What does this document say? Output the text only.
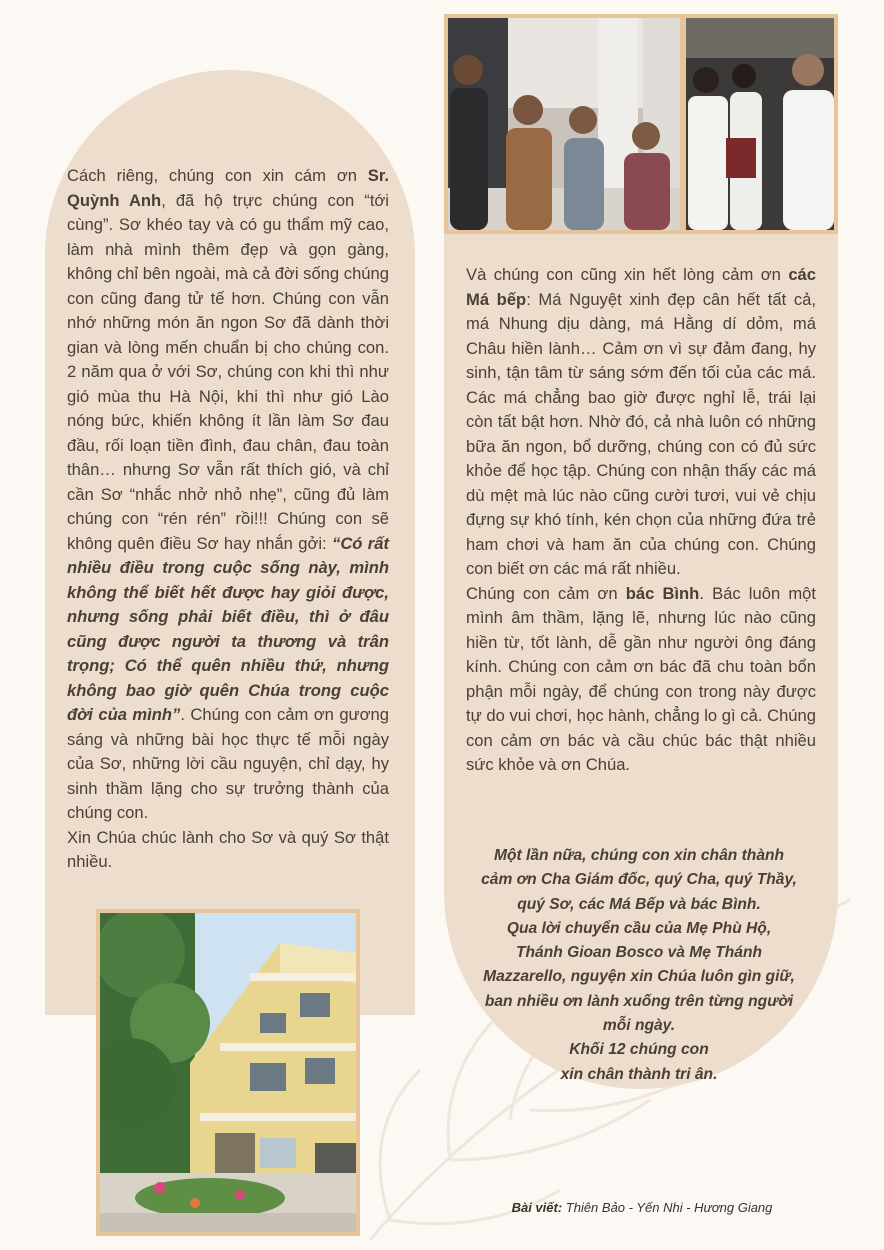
Cách riêng, chúng con xin cám ơn Sr. Quỳnh Anh, đã hộ trực chúng con “tới cùng”. Sơ khéo tay và có gu thẩm mỹ cao, làm nhà mình thêm đẹp và gọn gàng, không chỉ bên ngoài, mà cả đời sống chúng con cũng đang tử tế hơn. Chúng con vẫn nhớ những món ăn ngon Sơ đã dành thời gian và lòng mến chuẩn bị cho chúng con. 2 năm qua ở với Sơ, chúng con khi thì như gió mùa thu Hà Nội, khi thì như gió Lào nóng bức, khiến không ít lần làm Sơ đau đầu, rối loạn tiền đình, đau chân, đau toàn thân… nhưng Sơ vẫn rất thích gió, và chỉ cần Sơ “nhắc nhở nhỏ nhẹ”, cũng đủ làm chúng con “rén rén” rồi!!! Chúng con sẽ không quên điều Sơ hay nhắn gởi: “Có rất nhiều điều trong cuộc sống này, mình không thể biết hết được hay giỏi được, nhưng sống phải biết điều, thì ở đâu cũng được người ta thương và trân trọng; Có thể quên nhiều thứ, nhưng không bao giờ quên Chúa trong cuộc đời của mình”. Chúng con cảm ơn gương sáng và những bài học thực tế mỗi ngày của Sơ, những lời cầu nguyện, chỉ dạy, hy sinh thầm lặng cho sự trưởng thành của chúng con.

Xin Chúa chúc lành cho Sơ và quý Sơ thật nhiều.

Và chúng con cũng xin hết lòng cảm ơn các Má bếp: Má Nguyệt xinh đẹp cân hết tất cả, má Nhung dịu dàng, má Hằng dí dỏm, má Châu hiền lành… Cảm ơn vì sự đảm đang, hy sinh, tận tâm từ sáng sớm đến tối của các má. Các má chẳng bao giờ được nghỉ lễ, trái lại còn tất bật hơn. Nhờ đó, cả nhà luôn có những bữa ăn ngon, bổ dưỡng, chúng con có đủ sức khỏe để học tập. Chúng con nhận thấy các má dù mệt mà lúc nào cũng cười tươi, vui vẻ chịu đựng sự khó tính, kén chọn của những đứa trẻ ham chơi và ham ăn của chúng con. Chúng con biết ơn các má rất nhiều.

Chúng con cảm ơn bác Bình. Bác luôn một mình âm thầm, lặng lẽ, nhưng lúc nào cũng hiền từ, tốt lành, dễ gần như người ông đáng kính. Chúng con cảm ơn bác đã chu toàn bổn phận mỗi ngày, để chúng con trong này được tự do vui chơi, học hành, chẳng lo gì cả. Chúng con cảm ơn bác và cầu chúc bác thật nhiều sức khỏe và ơn Chúa.

Một lần nữa, chúng con xin chân thành

cảm ơn Cha Giám đốc, quý Cha, quý Thầy,

quý Sơ, các Má Bếp và bác Bình.

Qua lời chuyển cầu của Mẹ Phù Hộ,

Thánh Gioan Bosco và Mẹ Thánh

Mazzarello, nguyện xin Chúa luôn gìn giữ,

ban nhiều ơn lành xuống trên từng người

mỗi ngày.

Khối 12 chúng con

xin chân thành tri ân.

Bài viết: Thiên Bảo - Yến Nhi - Hương Giang
